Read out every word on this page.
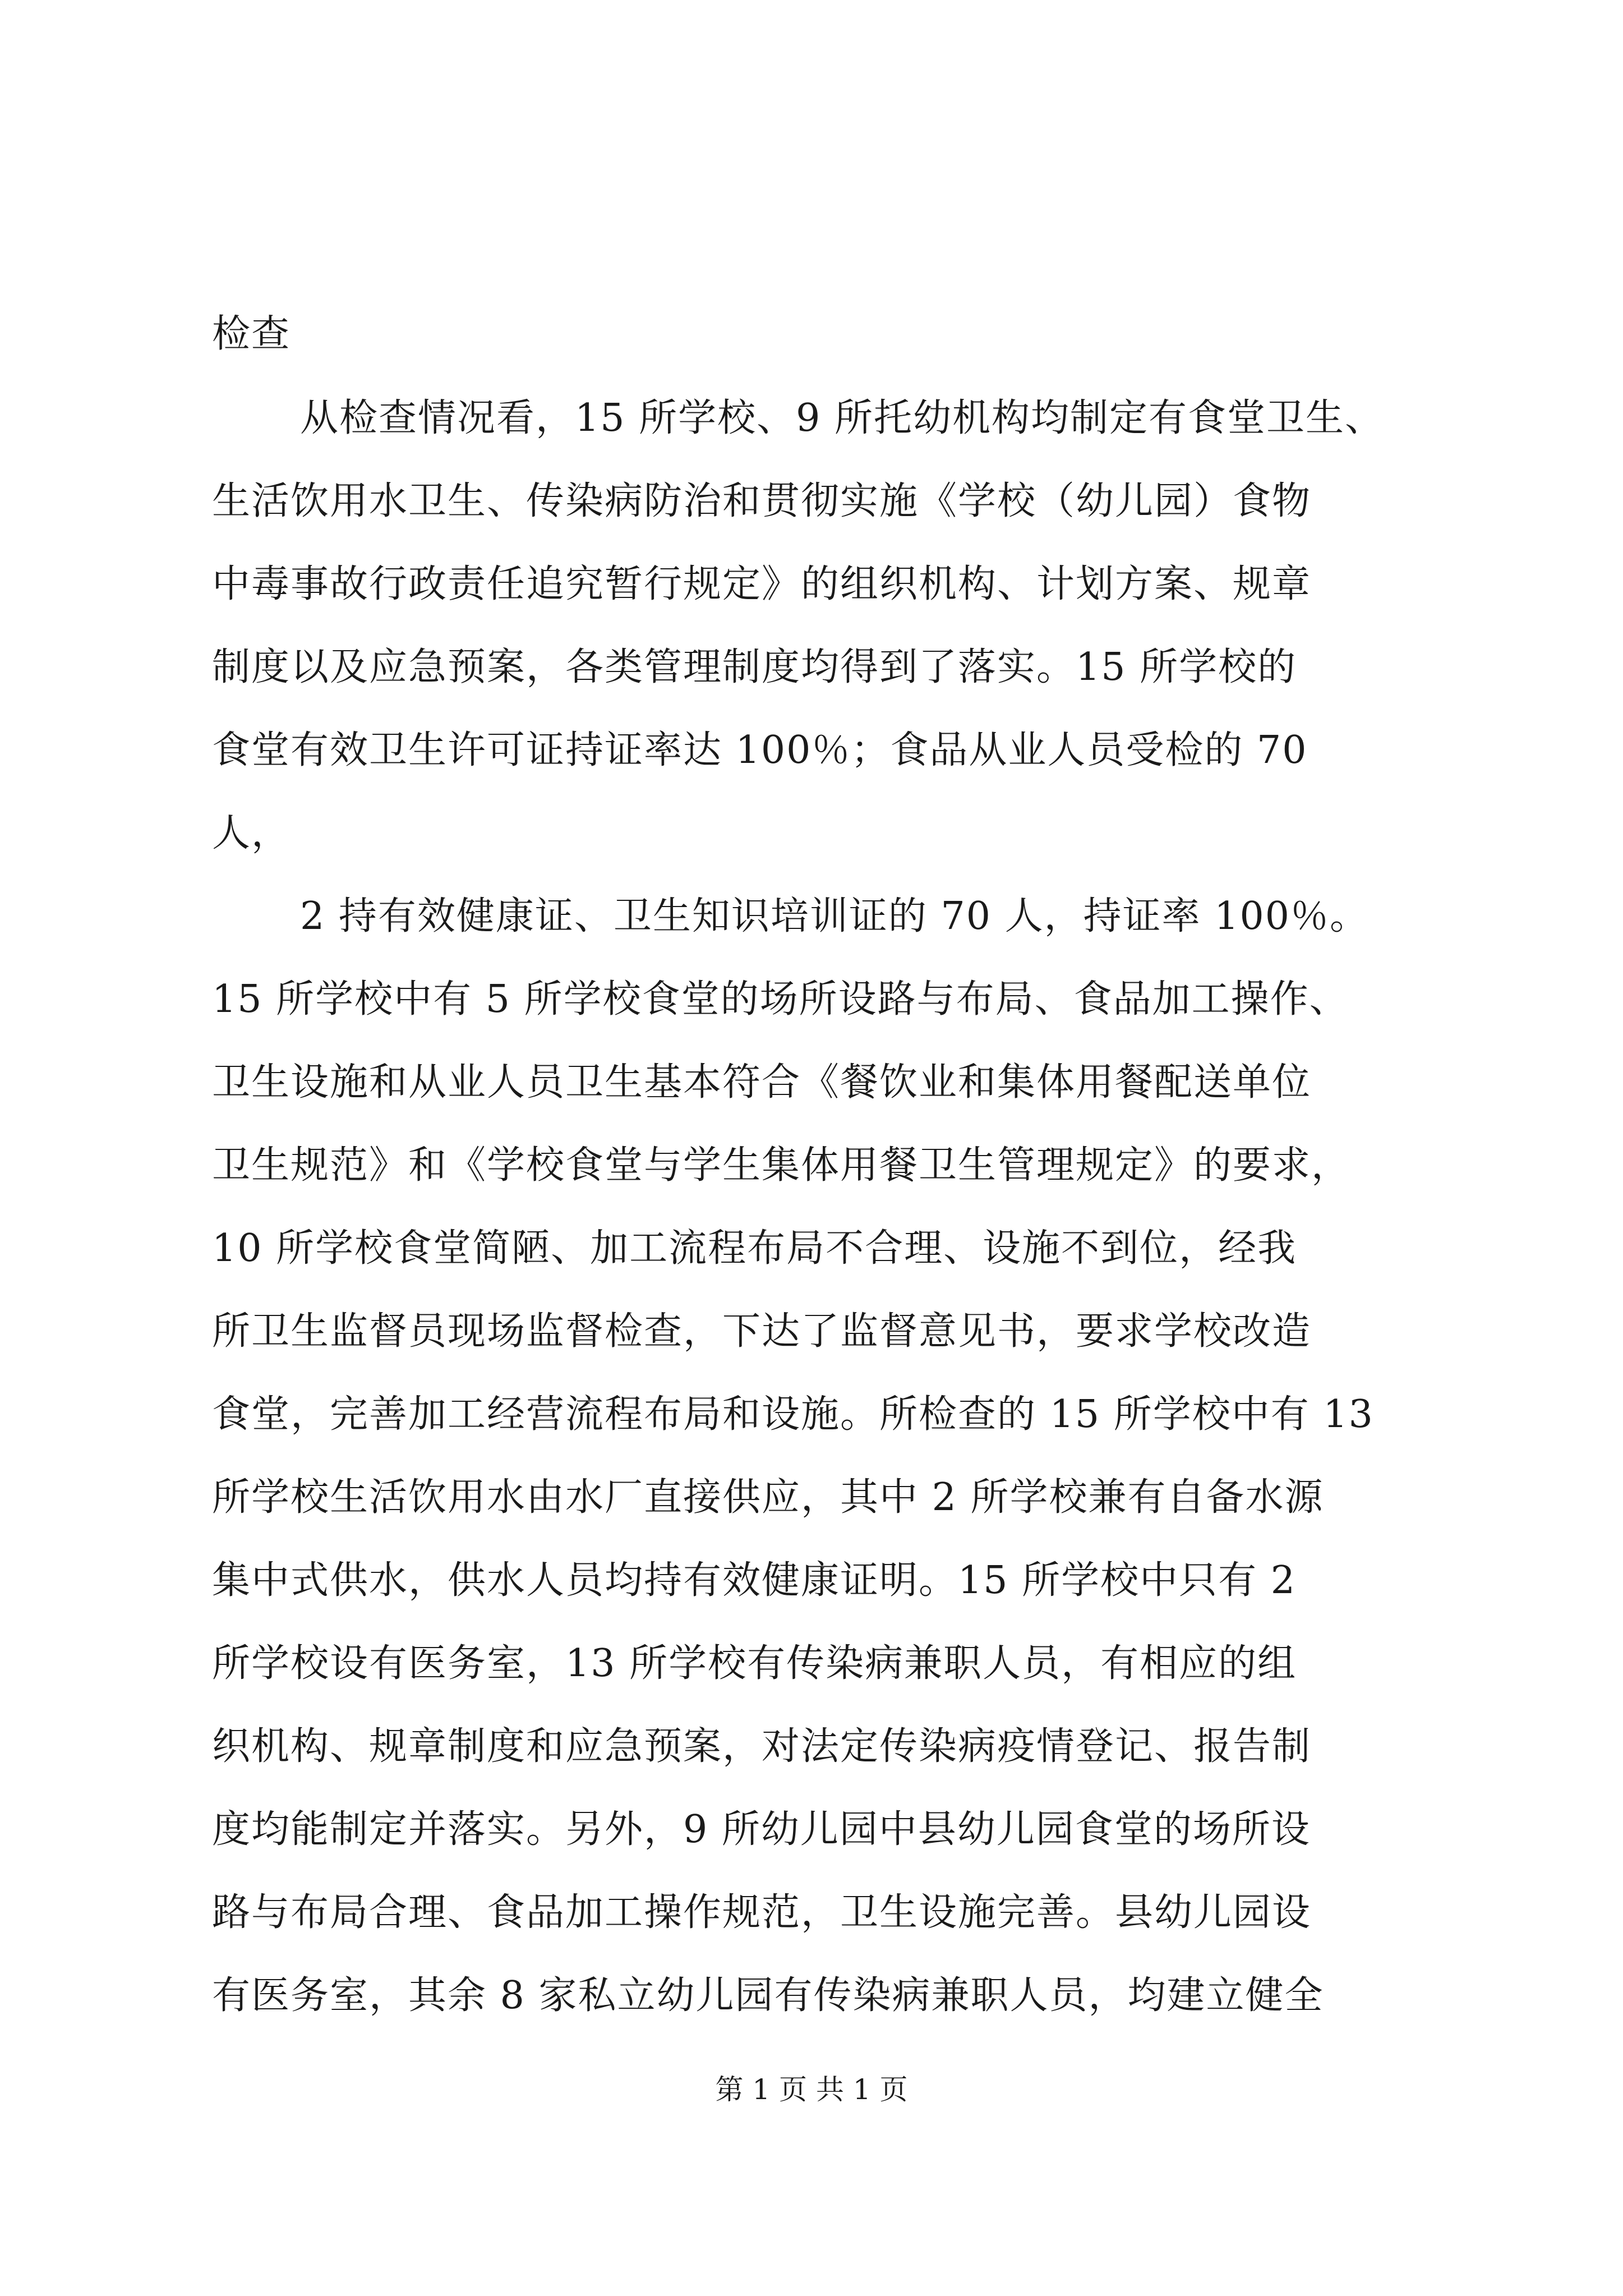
检查
从检查情况看，15 所学校、9 所托幼机构均制定有食堂卫生、
生活饮用水卫生、传染病防治和贯彻实施《学校（幼儿园）食物
中毒事故行政责任追究暂行规定》的组织机构、计划方案、规章
制度以及应急预案，各类管理制度均得到了落实。15 所学校的
食堂有效卫生许可证持证率达 100％；食品从业人员受检的 70
人，
2 持有效健康证、卫生知识培训证的 70 人，持证率 100％。
15 所学校中有 5 所学校食堂的场所设路与布局、食品加工操作、
卫生设施和从业人员卫生基本符合《餐饮业和集体用餐配送单位
卫生规范》和《学校食堂与学生集体用餐卫生管理规定》的要求，
10 所学校食堂简陋、加工流程布局不合理、设施不到位，经我
所卫生监督员现场监督检查，下达了监督意见书，要求学校改造
食堂，完善加工经营流程布局和设施。所检查的 15 所学校中有 13
所学校生活饮用水由水厂直接供应，其中 2 所学校兼有自备水源
集中式供水，供水人员均持有效健康证明。15 所学校中只有 2
所学校设有医务室，13 所学校有传染病兼职人员，有相应的组
织机构、规章制度和应急预案，对法定传染病疫情登记、报告制
度均能制定并落实。另外，9 所幼儿园中县幼儿园食堂的场所设
路与布局合理、食品加工操作规范，卫生设施完善。县幼儿园设
有医务室，其余 8 家私立幼儿园有传染病兼职人员，均建立健全
第 1 页 共 1 页
